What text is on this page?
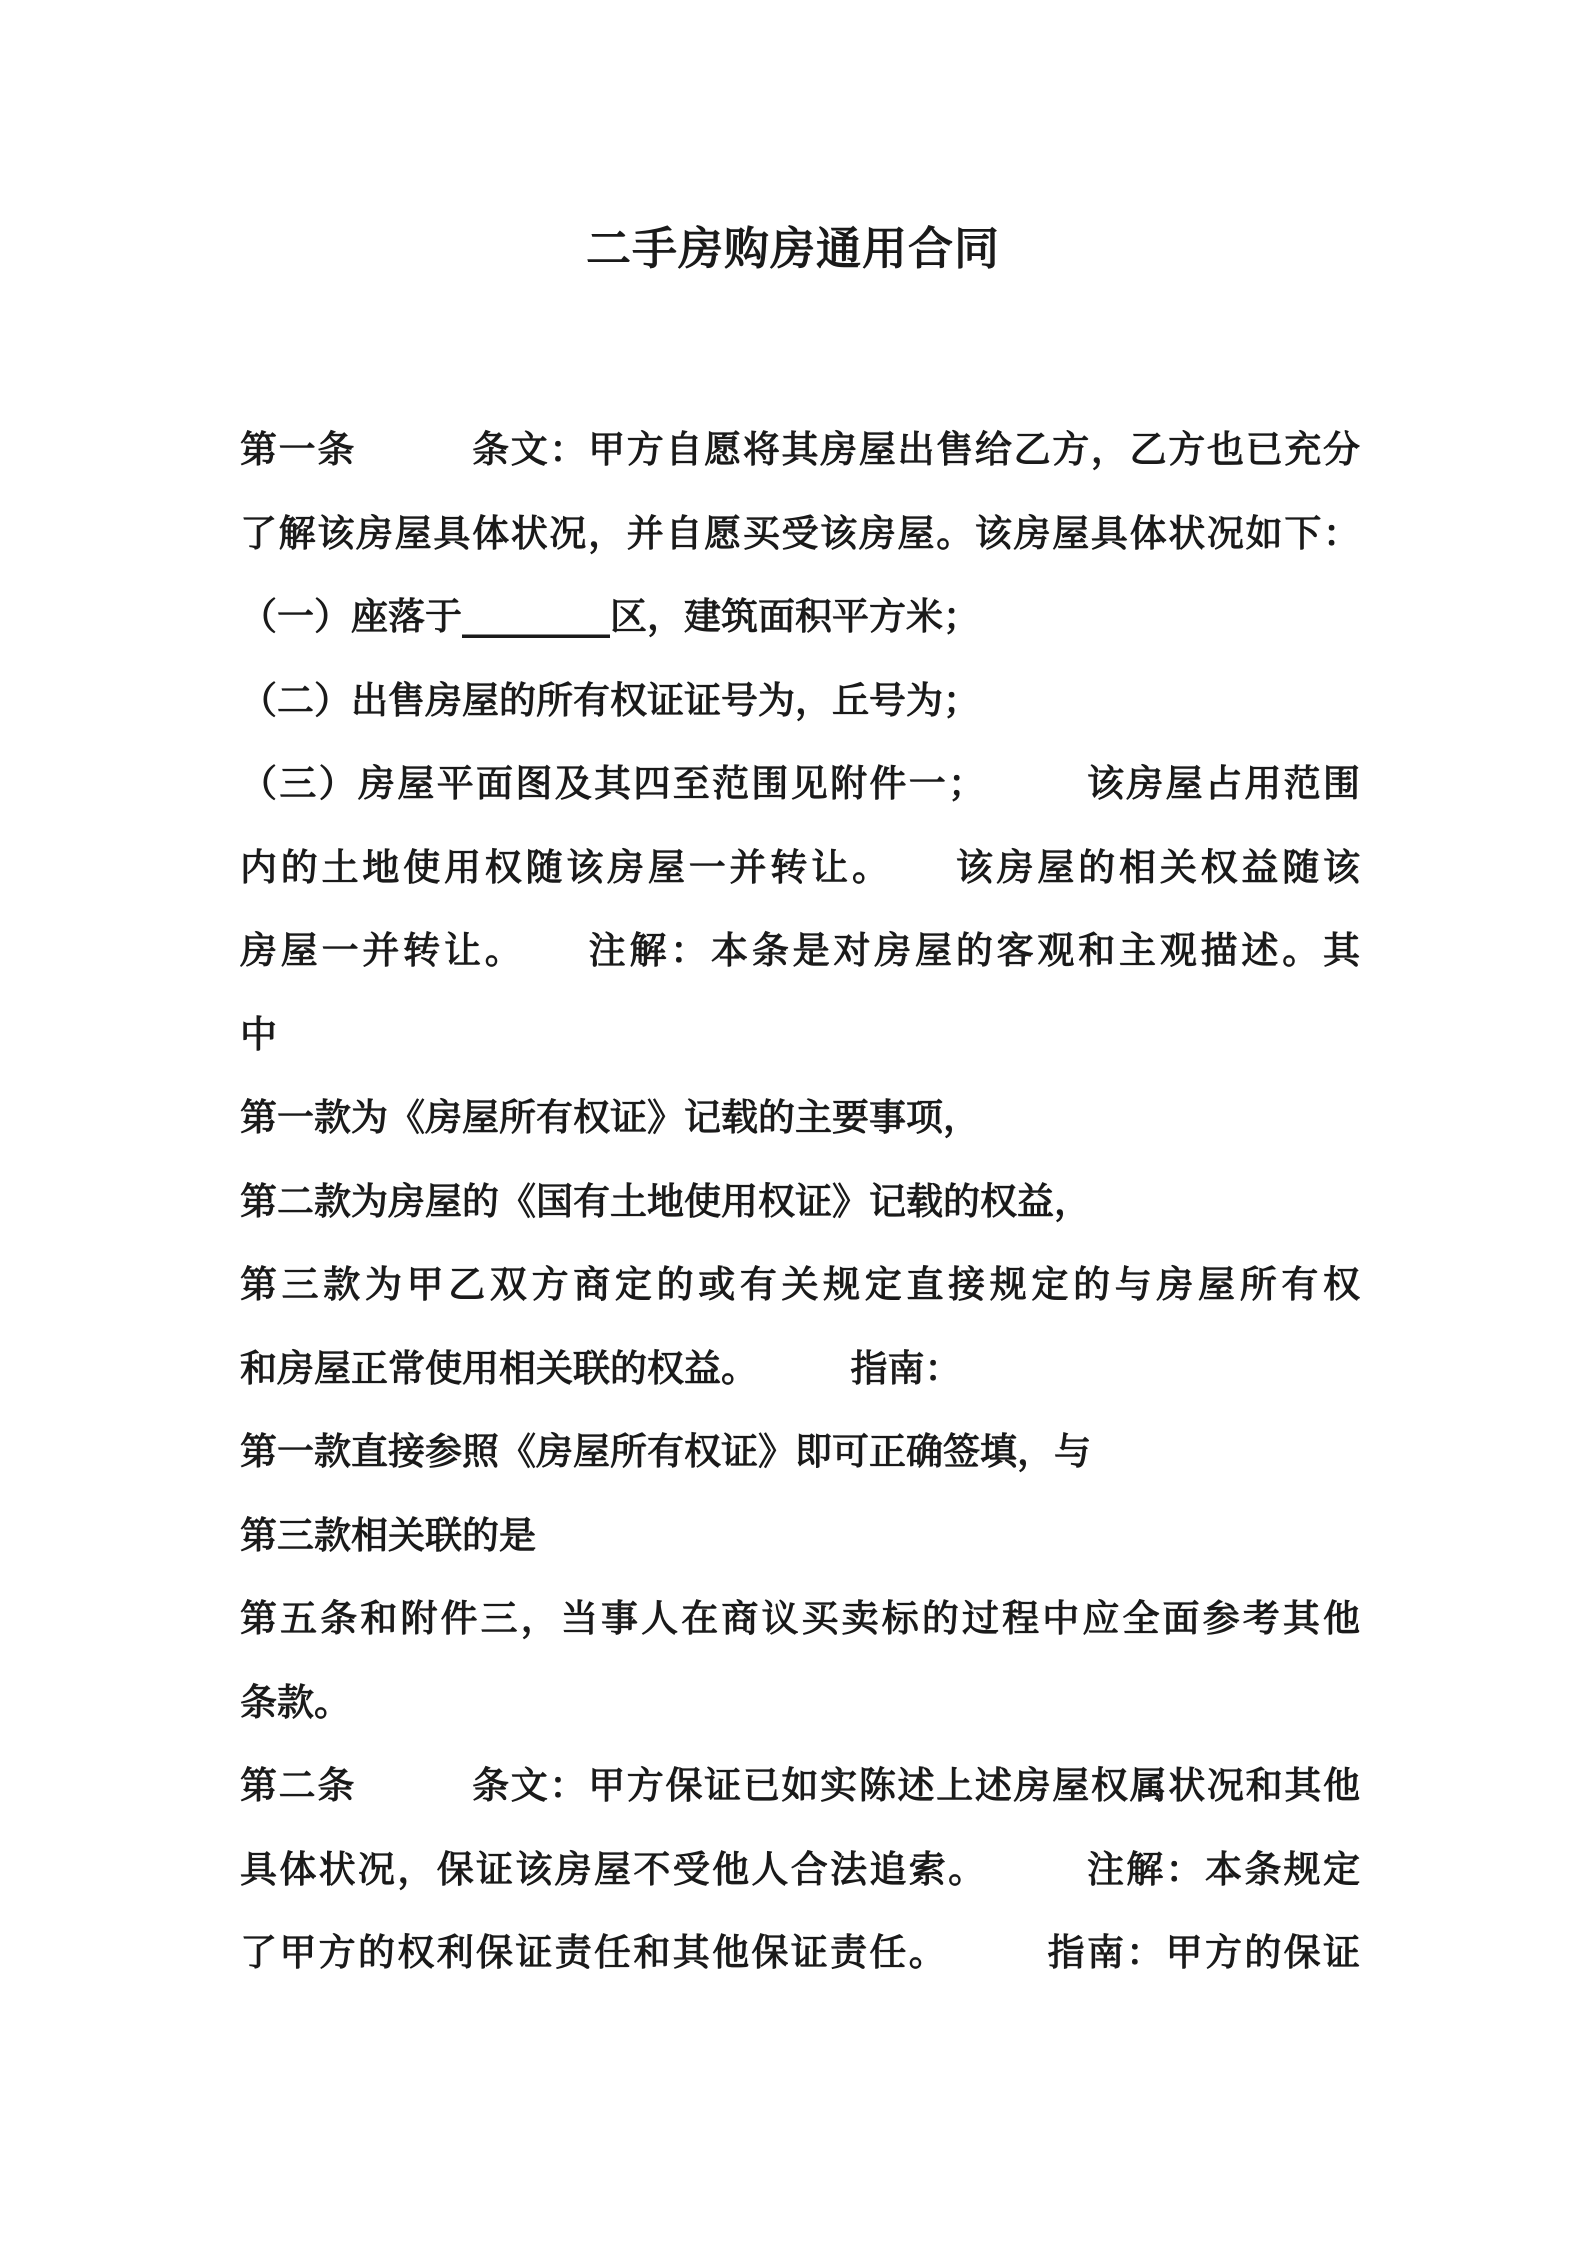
二手房购房通用合同
第一条　　　条文：甲方自愿将其房屋出售给乙方，乙方也已充分
了解该房屋具体状况，并自愿买受该房屋。该房屋具体状况如下：
（一）座落于________区，建筑面积平方米；
（二）出售房屋的所有权证证号为，丘号为；
（三）房屋平面图及其四至范围见附件一；　　　该房屋占用范围
内的土地使用权随该房屋一并转让。　　该房屋的相关权益随该
房屋一并转让。　　注解：本条是对房屋的客观和主观描述。其
中
第一款为《房屋所有权证》记载的主要事项，
第二款为房屋的《国有土地使用权证》记载的权益，
第三款为甲乙双方商定的或有关规定直接规定的与房屋所有权
和房屋正常使用相关联的权益。　　　指南：
第一款直接参照《房屋所有权证》即可正确签填，与
第三款相关联的是
第五条和附件三，当事人在商议买卖标的过程中应全面参考其他
条款。
第二条　　　条文：甲方保证已如实陈述上述房屋权属状况和其他
具体状况，保证该房屋不受他人合法追索。　　　注解：本条规定
了甲方的权利保证责任和其他保证责任。　　　指南：甲方的保证
